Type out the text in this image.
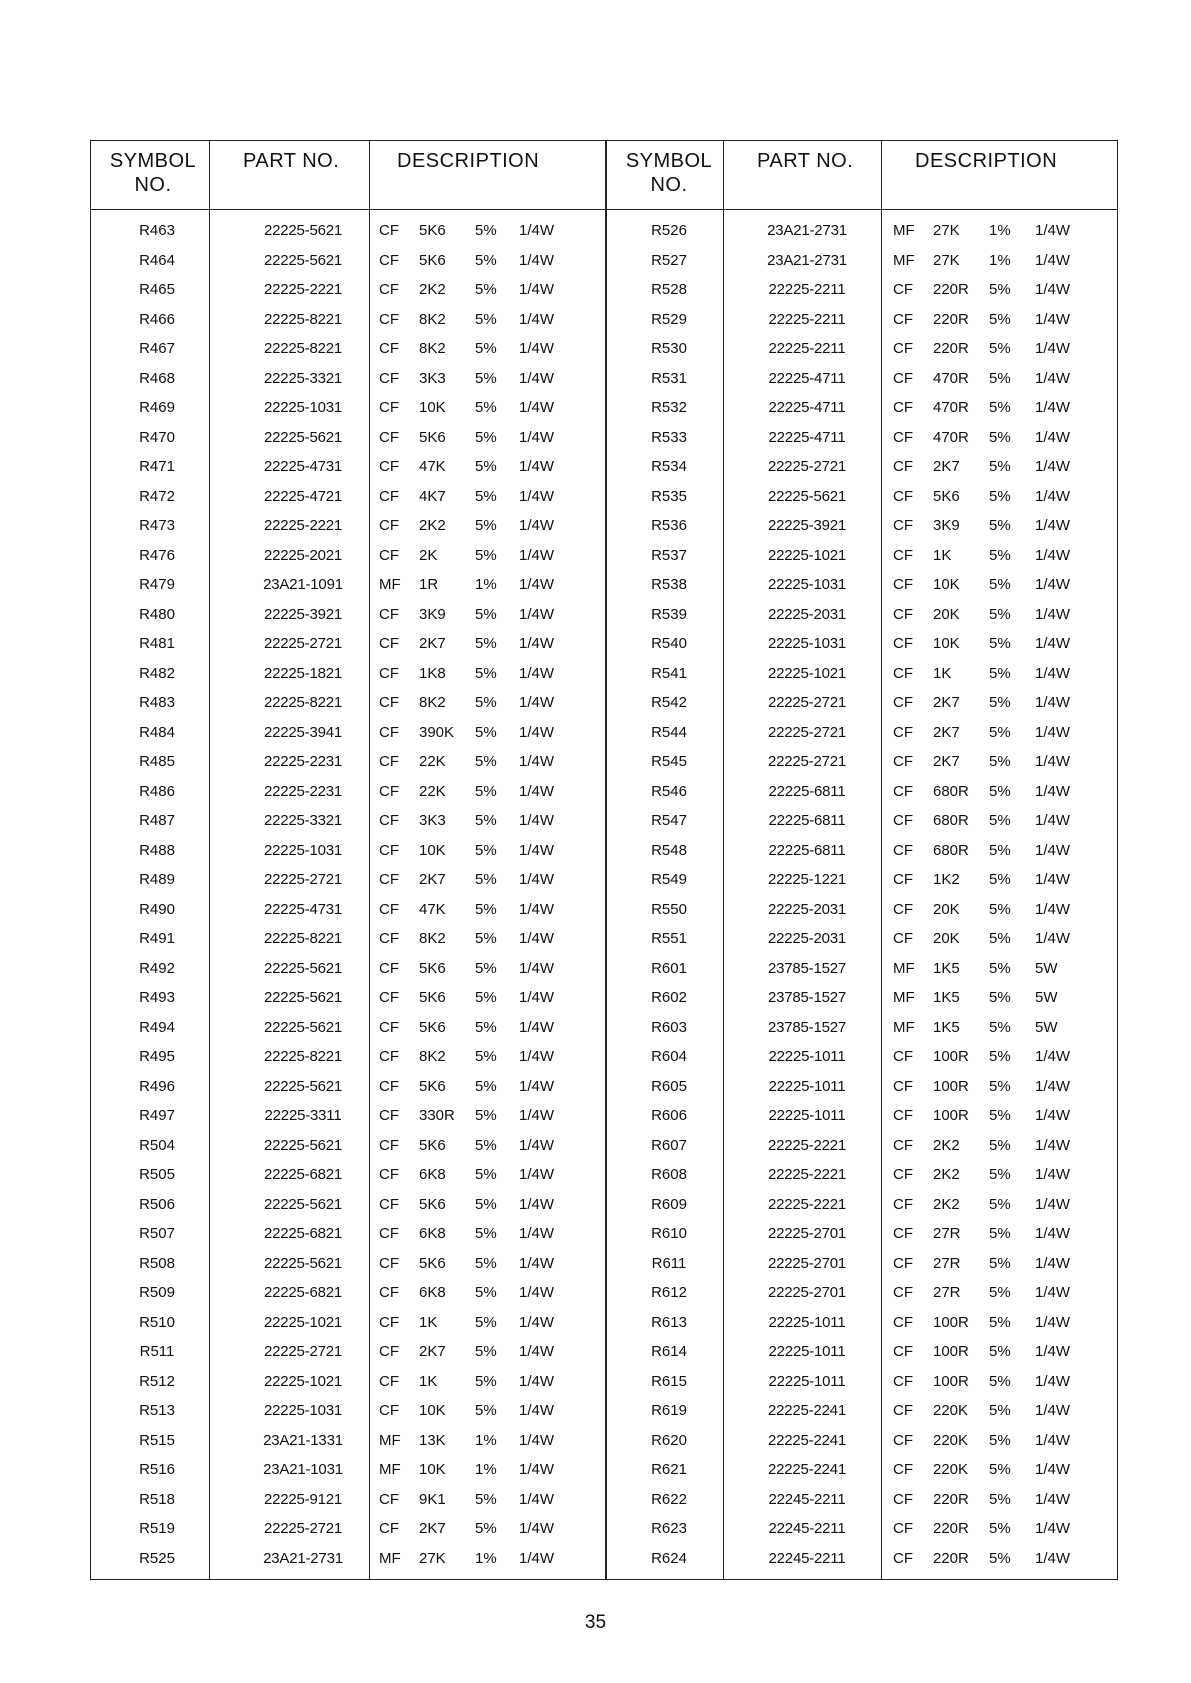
SYMBOL
NO.
PART NO.	DESCRIPTION	SYMBOL
NO.
PART NO.	DESCRIPTION
R463	22225-5621	CF 5K6 5% 1/4W	R526	23A21-2731	MF 27K 1% 1/4W
R464	22225-5621	CF 5K6 5% 1/4W	R527	23A21-2731	MF 27K 1% 1/4W
R465	22225-2221	CF 2K2 5% 1/4W	R528	22225-2211	CF 220R 5% 1/4W
R466	22225-8221	CF 8K2 5% 1/4W	R529	22225-2211	CF 220R 5% 1/4W
R467	22225-8221	CF 8K2 5% 1/4W	R530	22225-2211	CF 220R 5% 1/4W
R468	22225-3321	CF 3K3 5% 1/4W	R531	22225-4711	CF 470R 5% 1/4W
R469	22225-1031	CF 10K 5% 1/4W	R532	22225-4711	CF 470R 5% 1/4W
R470	22225-5621	CF 5K6 5% 1/4W	R533	22225-4711	CF 470R 5% 1/4W
R471	22225-4731	CF 47K 5% 1/4W	R534	22225-2721	CF 2K7 5% 1/4W
R472	22225-4721	CF 4K7 5% 1/4W	R535	22225-5621	CF 5K6 5% 1/4W
R473	22225-2221	CF 2K2 5% 1/4W	R536	22225-3921	CF 3K9 5% 1/4W
R476	22225-2021	CF 2K	5% 1/4W	R537	22225-1021	CF 1K	5% 1/4W
R479	23A21-1091	MF 1R 1% 1/4W	R538	22225-1031	CF 10K 5% 1/4W
R480	22225-3921	CF 3K9 5% 1/4W	R539	22225-2031	CF 20K 5% 1/4W
R481	22225-2721	CF 2K7 5% 1/4W	R540	22225-1031	CF 10K 5% 1/4W
R482	22225-1821	CF 1K8 5% 1/4W	R541	22225-1021	CF 1K	5% 1/4W
R483	22225-8221	CF 8K2 5% 1/4W	R542	22225-2721	CF 2K7 5% 1/4W
R484	22225-3941	CF 390K 5% 1/4W	R544	22225-2721	CF 2K7 5% 1/4W
R485	22225-2231	CF 22K 5% 1/4W	R545	22225-2721	CF 2K7 5% 1/4W
R486	22225-2231	CF 22K 5% 1/4W	R546	22225-6811	CF 680R 5% 1/4W
R487	22225-3321	CF 3K3 5% 1/4W	R547	22225-6811	CF 680R 5% 1/4W
R488	22225-1031	CF 10K 5% 1/4W	R548	22225-6811	CF 680R 5% 1/4W
R489	22225-2721	CF 2K7 5% 1/4W	R549	22225-1221	CF 1K2 5% 1/4W
R490	22225-4731	CF 47K 5% 1/4W	R550	22225-2031	CF 20K 5% 1/4W
R491	22225-8221	CF 8K2 5% 1/4W	R551	22225-2031	CF 20K 5% 1/4W
R492	22225-5621	CF 5K6 5% 1/4W	R601	23785-1527	MF 1K5 5% 5W
R493	22225-5621	CF 5K6 5% 1/4W	R602	23785-1527	MF 1K5 5% 5W
R494	22225-5621	CF 5K6 5% 1/4W	R603	23785-1527	MF 1K5 5% 5W
R495	22225-8221	CF 8K2 5% 1/4W	R604	22225-1011	CF 100R 5% 1/4W
R496	22225-5621	CF 5K6 5% 1/4W	R605	22225-1011	CF 100R 5% 1/4W
R497	22225-3311	CF 330R 5% 1/4W	R606	22225-1011	CF 100R 5% 1/4W
R504	22225-5621	CF 5K6 5% 1/4W	R607	22225-2221	CF 2K2 5% 1/4W
R505	22225-6821	CF 6K8 5% 1/4W	R608	22225-2221	CF 2K2 5% 1/4W
R506	22225-5621	CF 5K6 5% 1/4W	R609	22225-2221	CF 2K2 5% 1/4W
R507	22225-6821	CF 6K8 5% 1/4W	R610	22225-2701	CF 27R 5% 1/4W
R508	22225-5621	CF 5K6 5% 1/4W	R611	22225-2701	CF 27R 5% 1/4W
R509	22225-6821	CF 6K8 5% 1/4W	R612	22225-2701	CF 27R 5% 1/4W
R510	22225-1021	CF 1K	5% 1/4W	R613	22225-1011	CF 100R 5% 1/4W
R511	22225-2721	CF 2K7 5% 1/4W	R614	22225-1011	CF 100R 5% 1/4W
R512	22225-1021	CF 1K	5% 1/4W	R615	22225-1011	CF 100R 5% 1/4W
R513	22225-1031	CF 10K 5% 1/4W	R619	22225-2241	CF 220K 5% 1/4W
R515	23A21-1331	MF 13K 1% 1/4W	R620	22225-2241	CF 220K 5% 1/4W
R516	23A21-1031	MF 10K 1% 1/4W	R621	22225-2241	CF 220K 5% 1/4W
R518	22225-9121	CF 9K1 5% 1/4W	R622	22245-2211	CF 220R 5% 1/4W
R519	22225-2721	CF 2K7 5% 1/4W	R623	22245-2211	CF 220R 5% 1/4W
R525	23A21-2731	MF 27K 1% 1/4W	R624	22245-2211	CF 220R 5% 1/4W
35
